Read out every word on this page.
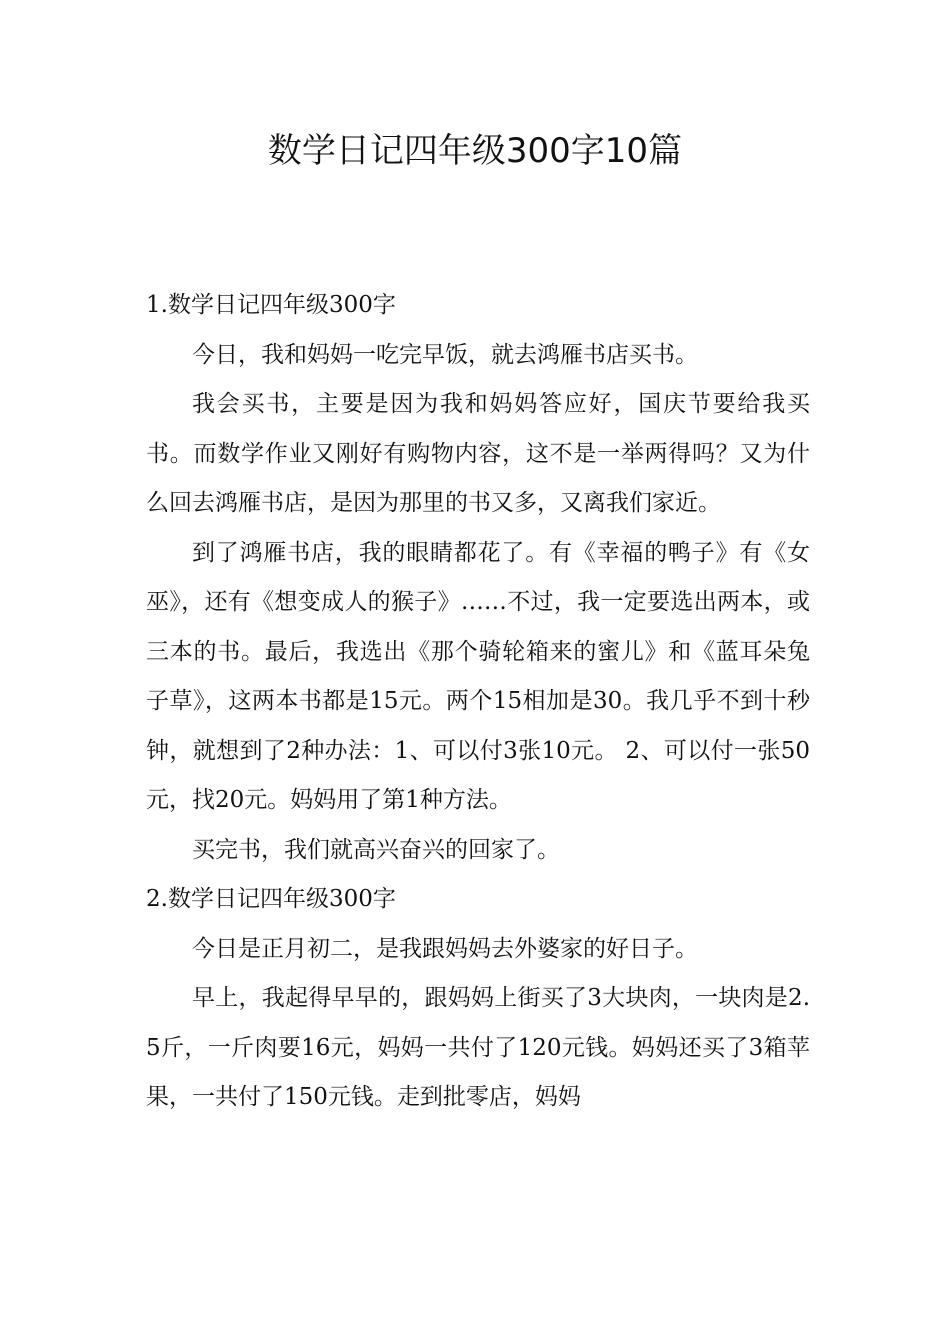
数学日记四年级300字10篇

1.数学日记四年级300字

今日，我和妈妈一吃完早饭，就去鸿雁书店买书。

我会买书，主要是因为我和妈妈答应好，国庆节要给我买书。而数学作业又刚好有购物内容，这不是一举两得吗？又为什么回去鸿雁书店，是因为那里的书又多，又离我们家近。

到了鸿雁书店，我的眼睛都花了。有《幸福的鸭子》有《女巫》，还有《想变成人的猴子》……不过，我一定要选出两本，或三本的书。最后，我选出《那个骑轮箱来的蜜儿》和《蓝耳朵兔子草》，这两本书都是15元。两个15相加是30。我几乎不到十秒钟，就想到了2种办法：1、可以付3张10元。 2、可以付一张50元，找20元。妈妈用了第1种方法。

买完书，我们就高兴奋兴的回家了。

2.数学日记四年级300字

今日是正月初二，是我跟妈妈去外婆家的好日子。

早上，我起得早早的，跟妈妈上街买了3大块肉，一块肉是2.5斤，一斤肉要16元，妈妈一共付了120元钱。妈妈还买了3箱苹果，一共付了150元钱。走到批零店，妈妈
